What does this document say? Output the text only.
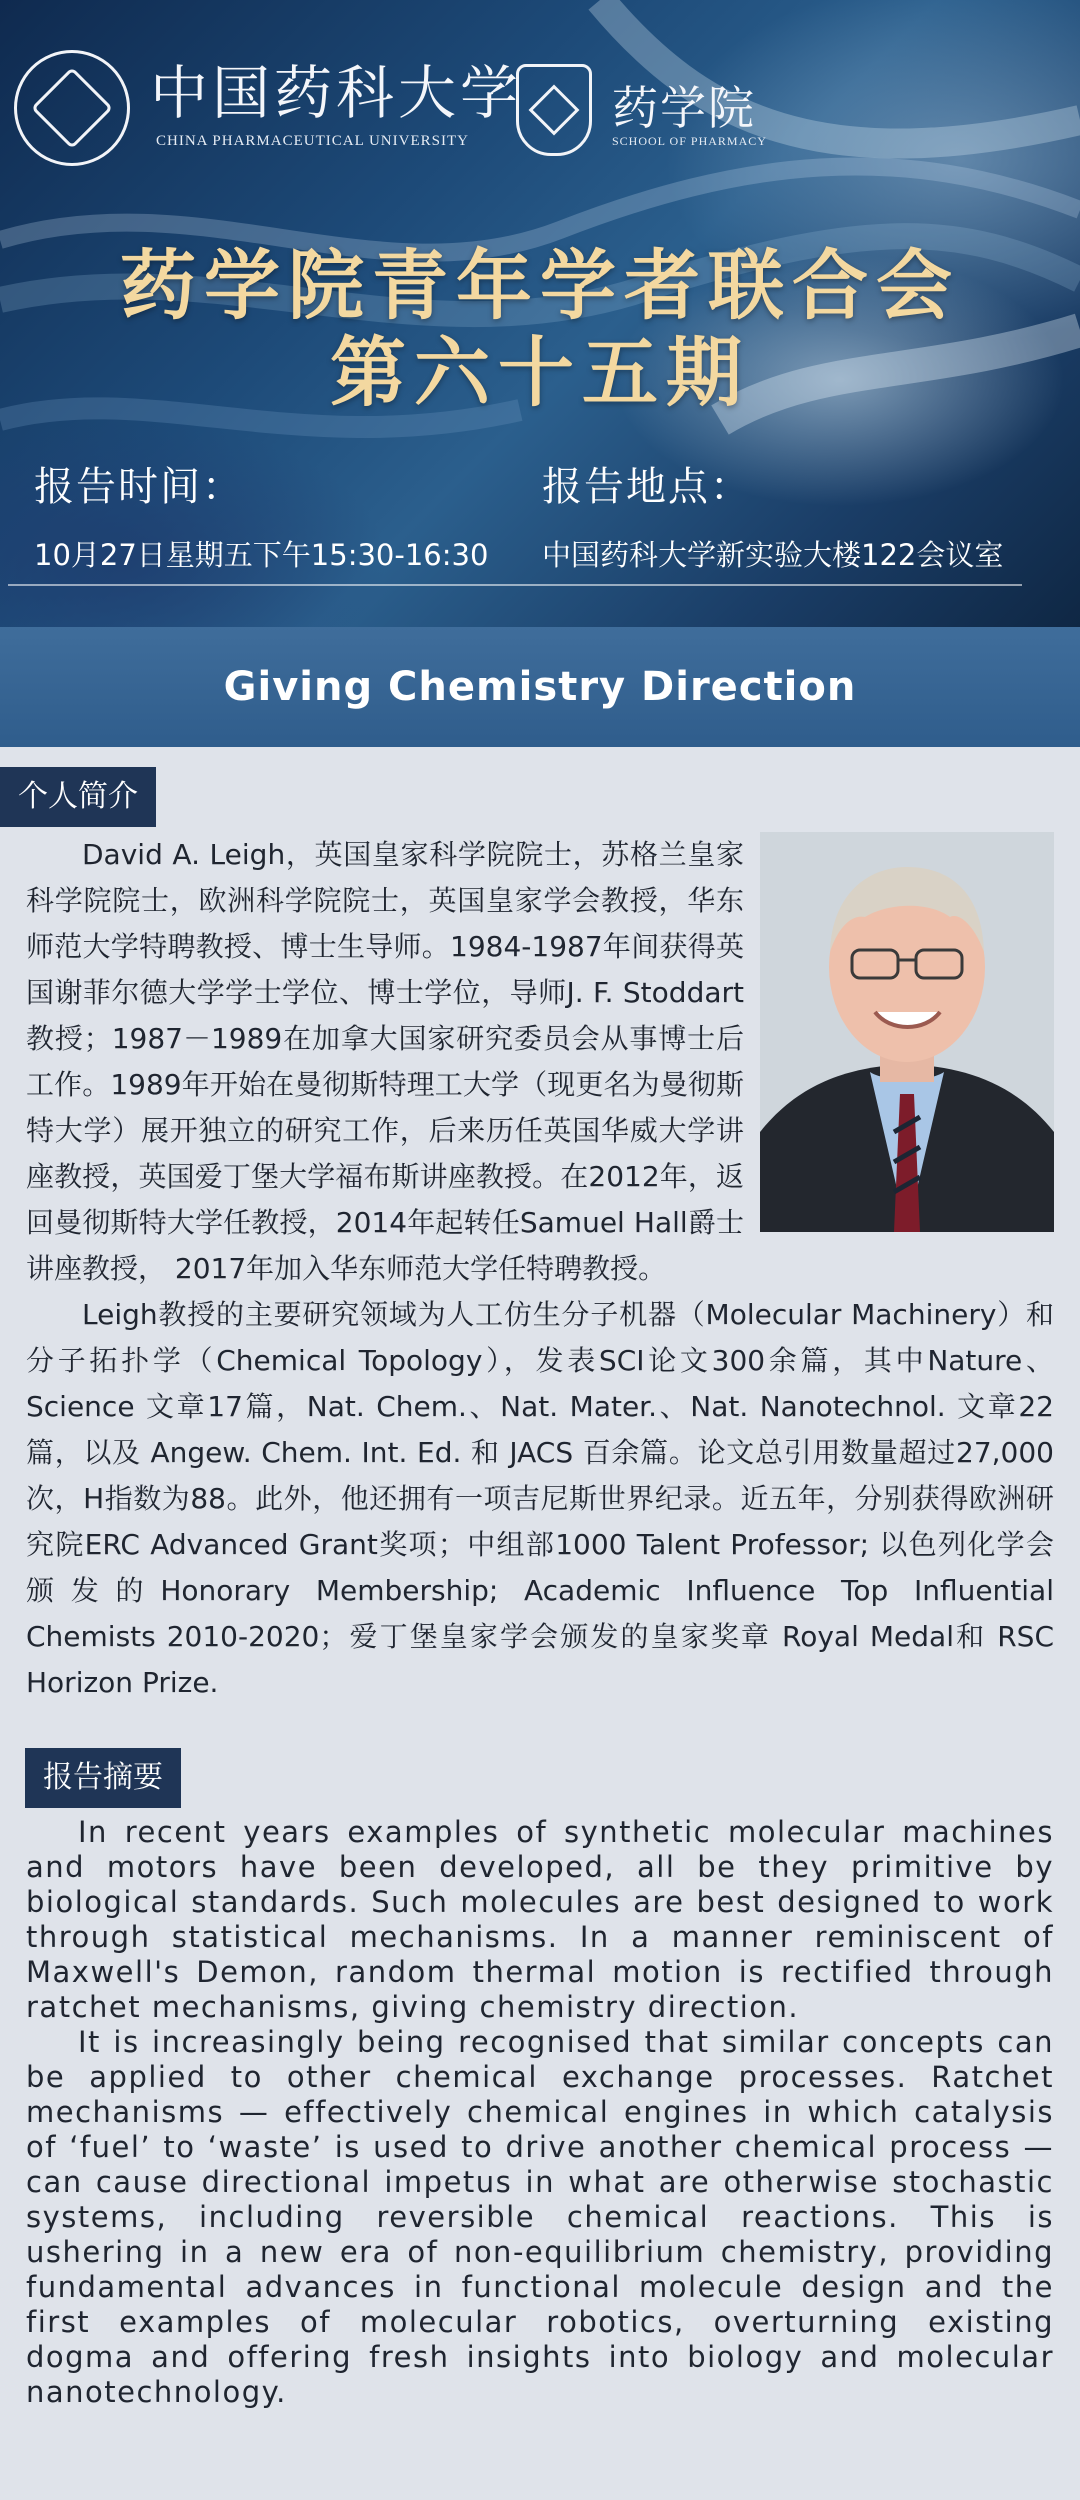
中国药科大学
CHINA PHARMACEUTICAL UNIVERSITY
药学院
SCHOOL OF PHARMACY
药学院青年学者联合会
第六十五期
报告时间：	报告地点：
10月27日星期五下午15:30-16:30 中国药科大学新实验大楼122会议室
Giving Chemistry Direction
个人简介

David A. Leigh，英国皇家科学院院士，苏格兰皇家科学院院士，欧洲科学院院士，英国皇家学会教授，华东师范大学特聘教授、博士生导师。1984-1987年间获得英国谢菲尔德大学学士学位、博士学位，导师J. F. Stoddart教授；1987－1989在加拿大国家研究委员会从事博士后工作。1989年开始在曼彻斯特理工大学（现更名为曼彻斯特大学）展开独立的研究工作，后来历任英国华威大学讲座教授，英国爱丁堡大学福布斯讲座教授。在2012年，返回曼彻斯特大学任教授，2014年起转任Samuel Hall爵士讲座教授， 2017年加入华东师范大学任特聘教授。

Leigh教授的主要研究领域为人工仿生分子机器（Molecular Machinery）和分子拓扑学（Chemical Topology），发表SCI论文300余篇，其中Nature、Science 文章17篇，Nat. Chem.、Nat. Mater.、Nat. Nanotechnol. 文章22篇，以及 Angew. Chem. Int. Ed. 和 JACS 百余篇。论文总引用数量超过27,000次，H指数为88。此外，他还拥有一项吉尼斯世界纪录。近五年，分别获得欧洲研究院ERC Advanced Grant奖项；中组部1000 Talent Professor; 以色列化学会颁发的Honorary Membership; Academic Influence Top Influential Chemists 2010-2020；爱丁堡皇家学会颁发的皇家奖章 Royal Medal和 RSC Horizon Prize.

报告摘要

In recent years examples of synthetic molecular machines and motors have been developed, all be they primitive by biological standards. Such molecules are best designed to work through statistical mechanisms. In a manner reminiscent of Maxwell's Demon, random thermal motion is rectified through ratchet mechanisms, giving chemistry direction.

It is increasingly being recognised that similar concepts can be applied to other chemical exchange processes. Ratchet mechanisms — effectively chemical engines in which catalysis of ‘fuel’ to ‘waste’ is used to drive another chemical process — can cause directional impetus in what are otherwise stochastic systems, including reversible chemical reactions. This is ushering in a new era of non-equilibrium chemistry, providing fundamental advances in functional molecule design and the first examples of molecular robotics, overturning existing dogma and offering fresh insights into biology and molecular nanotechnology.
